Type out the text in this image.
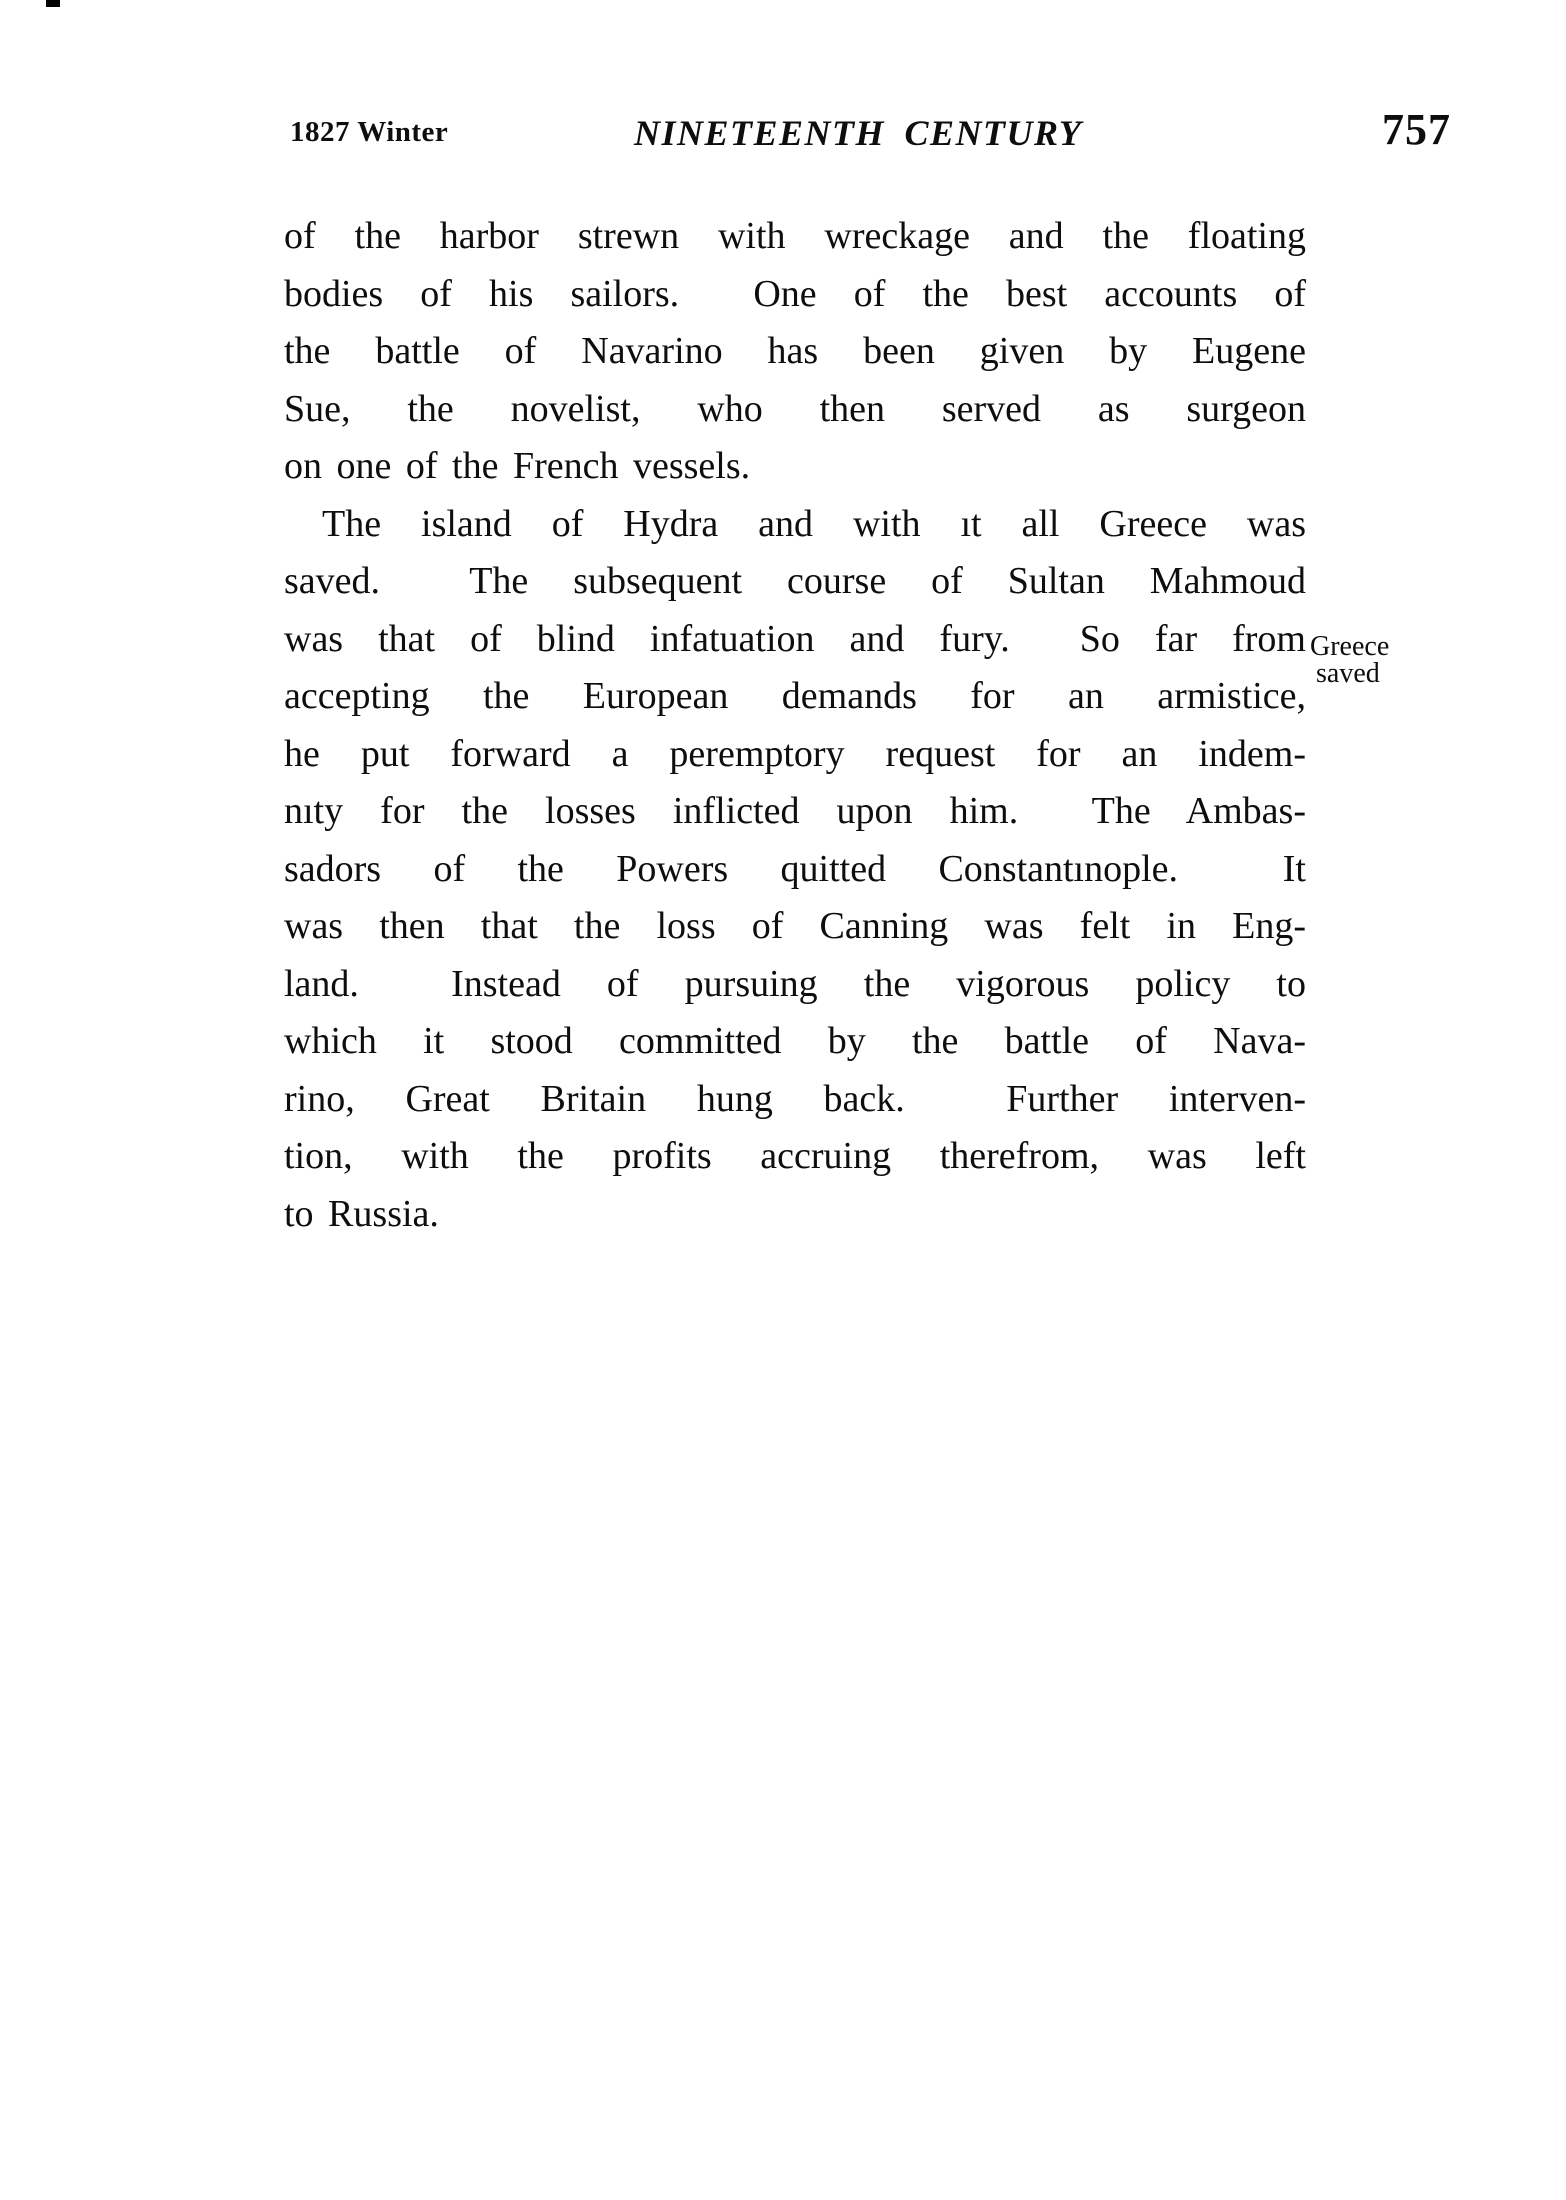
1827 Winter	NINETEENTH CENTURY	757
of the harbor strewn with wreckage and the floating
bodies of his sailors.  One of the best accounts of
the battle of Navarino has been given by Eugene
Sue, the novelist, who then served as surgeon
on one of the French vessels.
The island of Hydra and with ıt all Greece was
saved.  The subsequent course of Sultan Mahmoud
was that of blind infatuation and fury.  So far from
accepting the European demands for an armistice,
he put forward a peremptory request for an indem-
nıty for the losses inflicted upon him.  The Ambas-
sadors of the Powers quitted Constantınople.  It
was then that the loss of Canning was felt in Eng-
land.  Instead of pursuing the vigorous policy to
which it stood committed by the battle of Nava-
rino, Great Britain hung back.  Further interven-
tion, with the profits accruing therefrom, was left
to Russia.
Greece
saved
